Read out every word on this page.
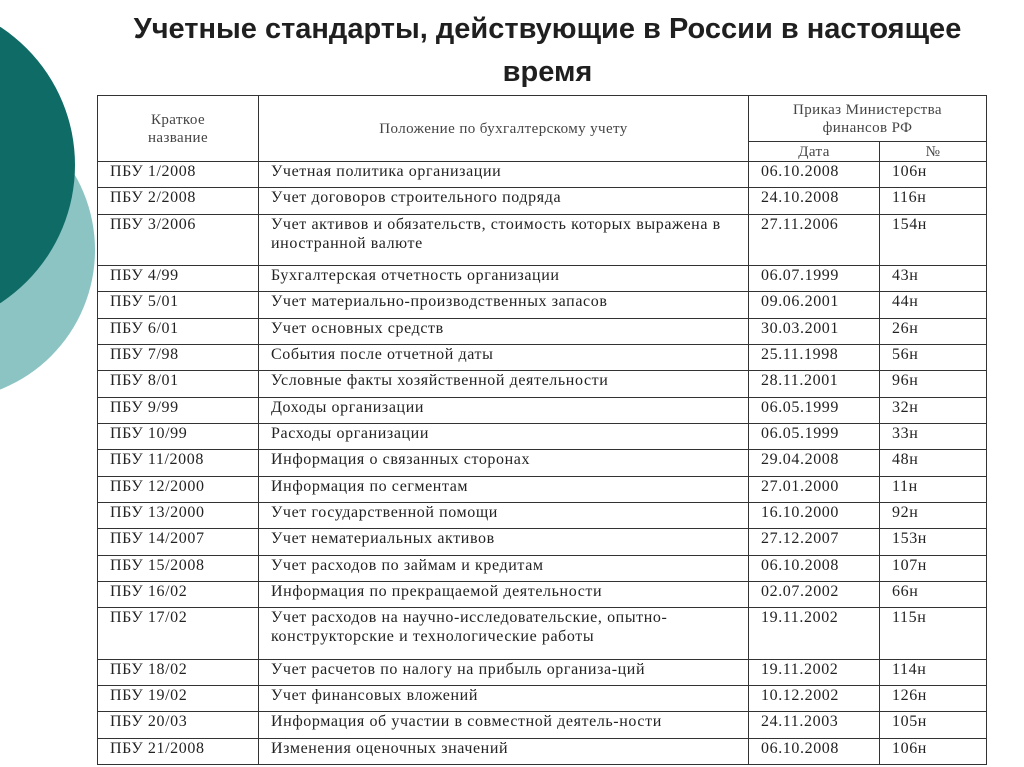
Учетные стандарты, действующие в России в настоящее время
Краткое
название	Положение по бухгалтерскому учету	Приказ Министерства
финансов РФ	
		Дата	№
ПБУ 1/2008	Учетная политика организации	06.10.2008	106н
ПБУ 2/2008	Учет договоров строительного подряда	24.10.2008	116н
ПБУ 3/2006	Учет активов и обязательств, стоимость которых выражена в иностранной валюте	27.11.2006	154н
ПБУ 4/99	Бухгалтерская отчетность организации	06.07.1999	43н
ПБУ 5/01	Учет материально-производственных запасов	09.06.2001	44н
ПБУ 6/01	Учет основных средств	30.03.2001	26н
ПБУ 7/98	События после отчетной даты	25.11.1998	56н
ПБУ 8/01	Условные факты хозяйственной деятельности	28.11.2001	96н
ПБУ 9/99	Доходы организации	06.05.1999	32н
ПБУ 10/99	Расходы организации	06.05.1999	33н
ПБУ 11/2008	Информация о связанных сторонах	29.04.2008	48н
ПБУ 12/2000	Информация по сегментам	27.01.2000	11н
ПБУ 13/2000	Учет государственной помощи	16.10.2000	92н
ПБУ 14/2007	Учет нематериальных активов	27.12.2007	153н
ПБУ 15/2008	Учет расходов по займам и кредитам	06.10.2008	107н
ПБУ 16/02	Информация по прекращаемой деятельности	02.07.2002	66н
ПБУ 17/02	Учет расходов на научно-исследовательские, опытно-конструкторские и технологические работы	19.11.2002	115н
ПБУ 18/02	Учет расчетов по налогу на прибыль организа-ций	19.11.2002	114н
ПБУ 19/02	Учет финансовых вложений	10.12.2002	126н
ПБУ 20/03	Информация об участии в совместной деятель-ности	24.11.2003	105н
ПБУ 21/2008	Изменения оценочных значений	06.10.2008	106н
